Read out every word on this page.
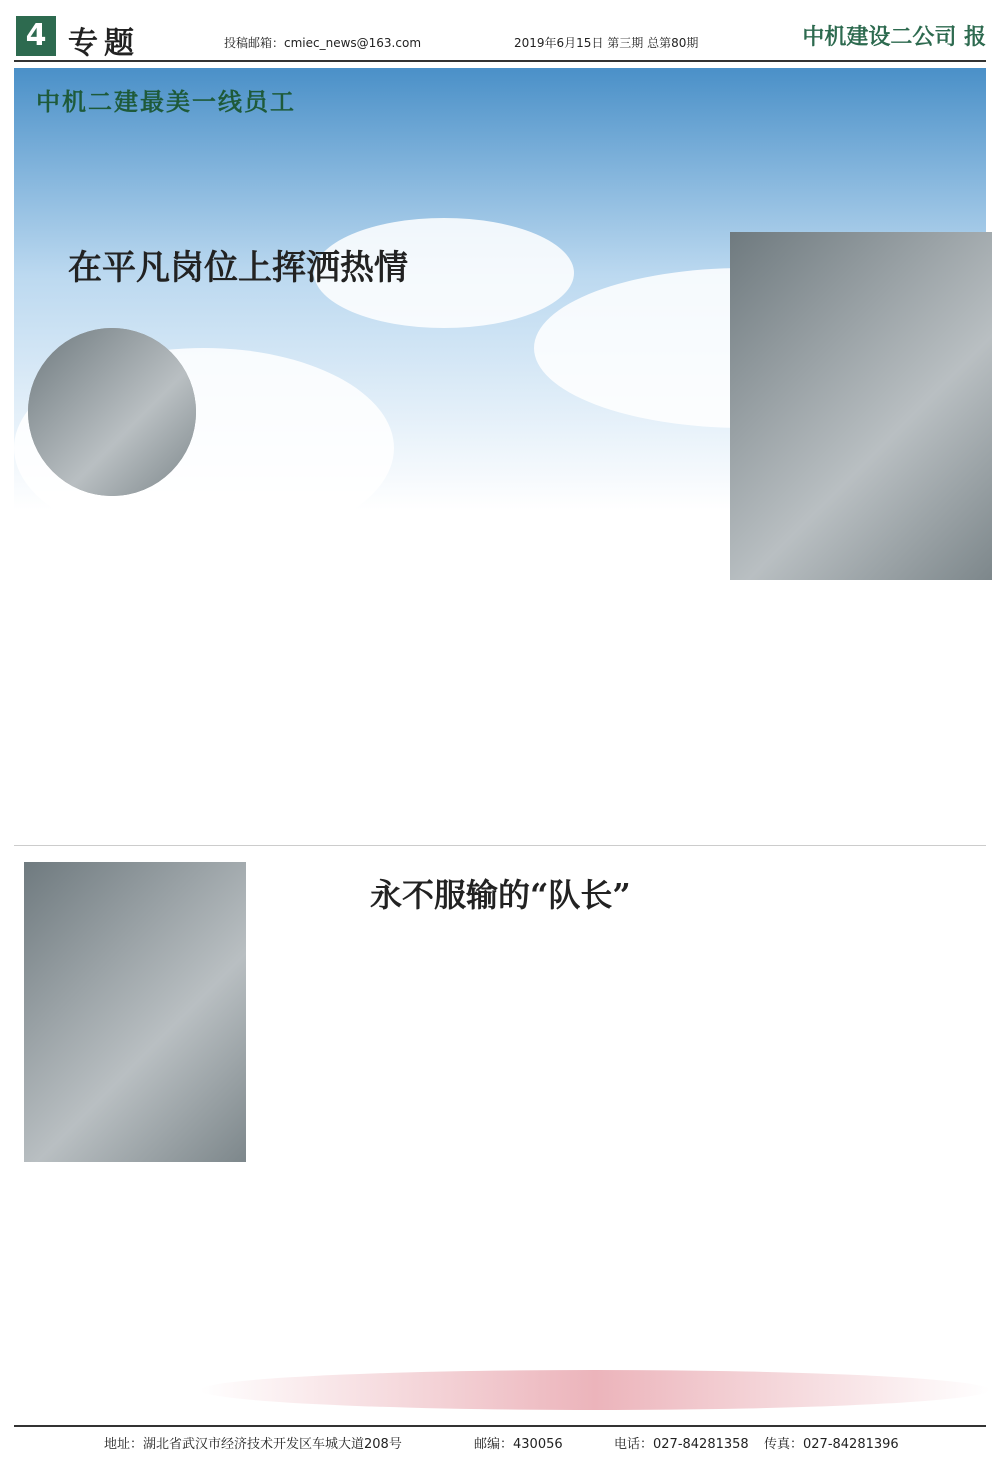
4 专题	投稿邮箱：cmiec_news@163.com	2019年6月15日 第三期 总第80期	中机建设二公司 报
中机二建最美一线员工
在平凡岗位上挥洒热情

永不服输的“队长”

地址：湖北省武汉市经济技术开发区车城大道208号	邮编：430056	电话：027-84281358 传真：027-84281396
